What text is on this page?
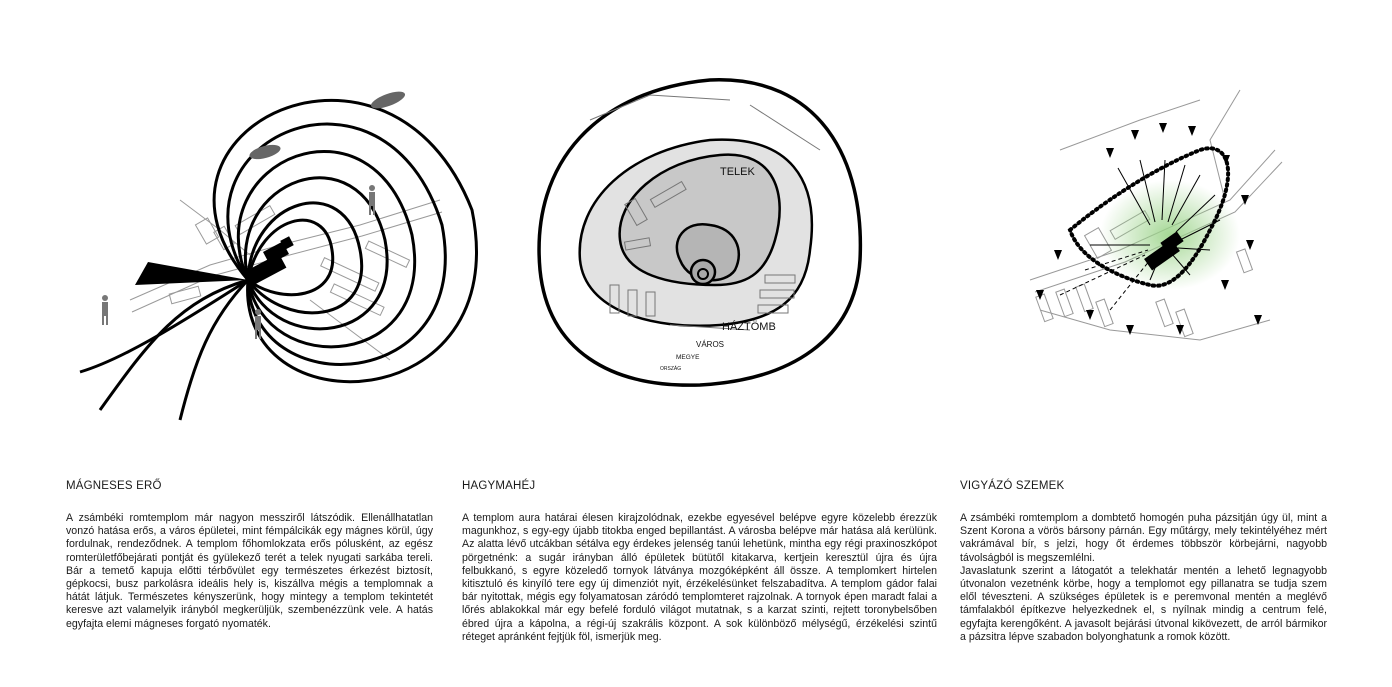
TELEK
HÁZTÖMB
VÁROS
MEGYE
ORSZÁG

MÁGNESES ERŐ

A zsámbéki romtemplom már nagyon messziről látszódik. Ellenállhatatlan vonzó hatása erős, a város épületei, mint fémpálcikák egy mágnes körül, úgy fordulnak, rendeződnek. A templom főhomlokzata erős pólusként, az egész romterületfőbejárati pontját és gyülekező terét a telek nyugati sarkába tereli. Bár a temető kapuja előtti térbővület egy természetes érkezést biztosít, gépkocsi, busz parkolásra ideális hely is, kiszállva mégis a templomnak a hátát látjuk. Természetes kényszerünk, hogy mintegy a templom tekintetét keresve azt valamelyik irányból megkerüljük, szembenézzünk vele. A hatás egyfajta elemi mágneses forgató nyomaték.

HAGYMAHÉJ

A templom aura határai élesen kirajzolódnak, ezekbe egyesével belépve egyre közelebb érezzük magunkhoz, s egy-egy újabb titokba enged bepillantást. A városba belépve már hatása alá kerülünk. Az alatta lévő utcákban sétálva egy érdekes jelenség tanúi lehetünk, mintha egy régi praxinoszkópot pörgetnénk: a sugár irányban álló épületek bütütől kitakarva, kertjein keresztül újra és újra felbukkanó, s egyre közeledő tornyok látványa mozgóképként áll össze. A templomkert hirtelen kitisztuló és kinyíló tere egy új dimenziót nyit, érzékelésünket felszabadítva. A templom gádor falai bár nyitottak, mégis egy folyamatosan záródó templomteret rajzolnak. A tornyok épen maradt falai a lőrés ablakokkal már egy befelé forduló világot mutatnak, s a karzat szinti, rejtett toronybelsőben ébred újra a kápolna, a régi-új szakrális központ. A sok különböző mélységű, érzékelési szintű réteget apránként fejtjük föl, ismerjük meg.

VIGYÁZÓ SZEMEK

A zsámbéki romtemplom a dombtető homogén puha pázsitján úgy ül, mint a Szent Korona a vörös bársony párnán. Egy műtárgy, mely tekintélyéhez mért vakrámával bír, s jelzi, hogy őt érdemes többször körbejárni, nagyobb távolságból is megszemlélni.

Javaslatunk szerint a látogatót a telekhatár mentén a lehető legnagyobb útvonalon vezetnénk körbe, hogy a templomot egy pillanatra se tudja szem elől téveszteni. A szükséges épületek is e peremvonal mentén a meglévő támfalakból építkezve helyezkednek el, s nyílnak mindig a centrum felé, egyfajta kerengőként. A javasolt bejárási útvonal kikövezett, de arról bármikor a pázsitra lépve szabadon bolyonghatunk a romok között.
